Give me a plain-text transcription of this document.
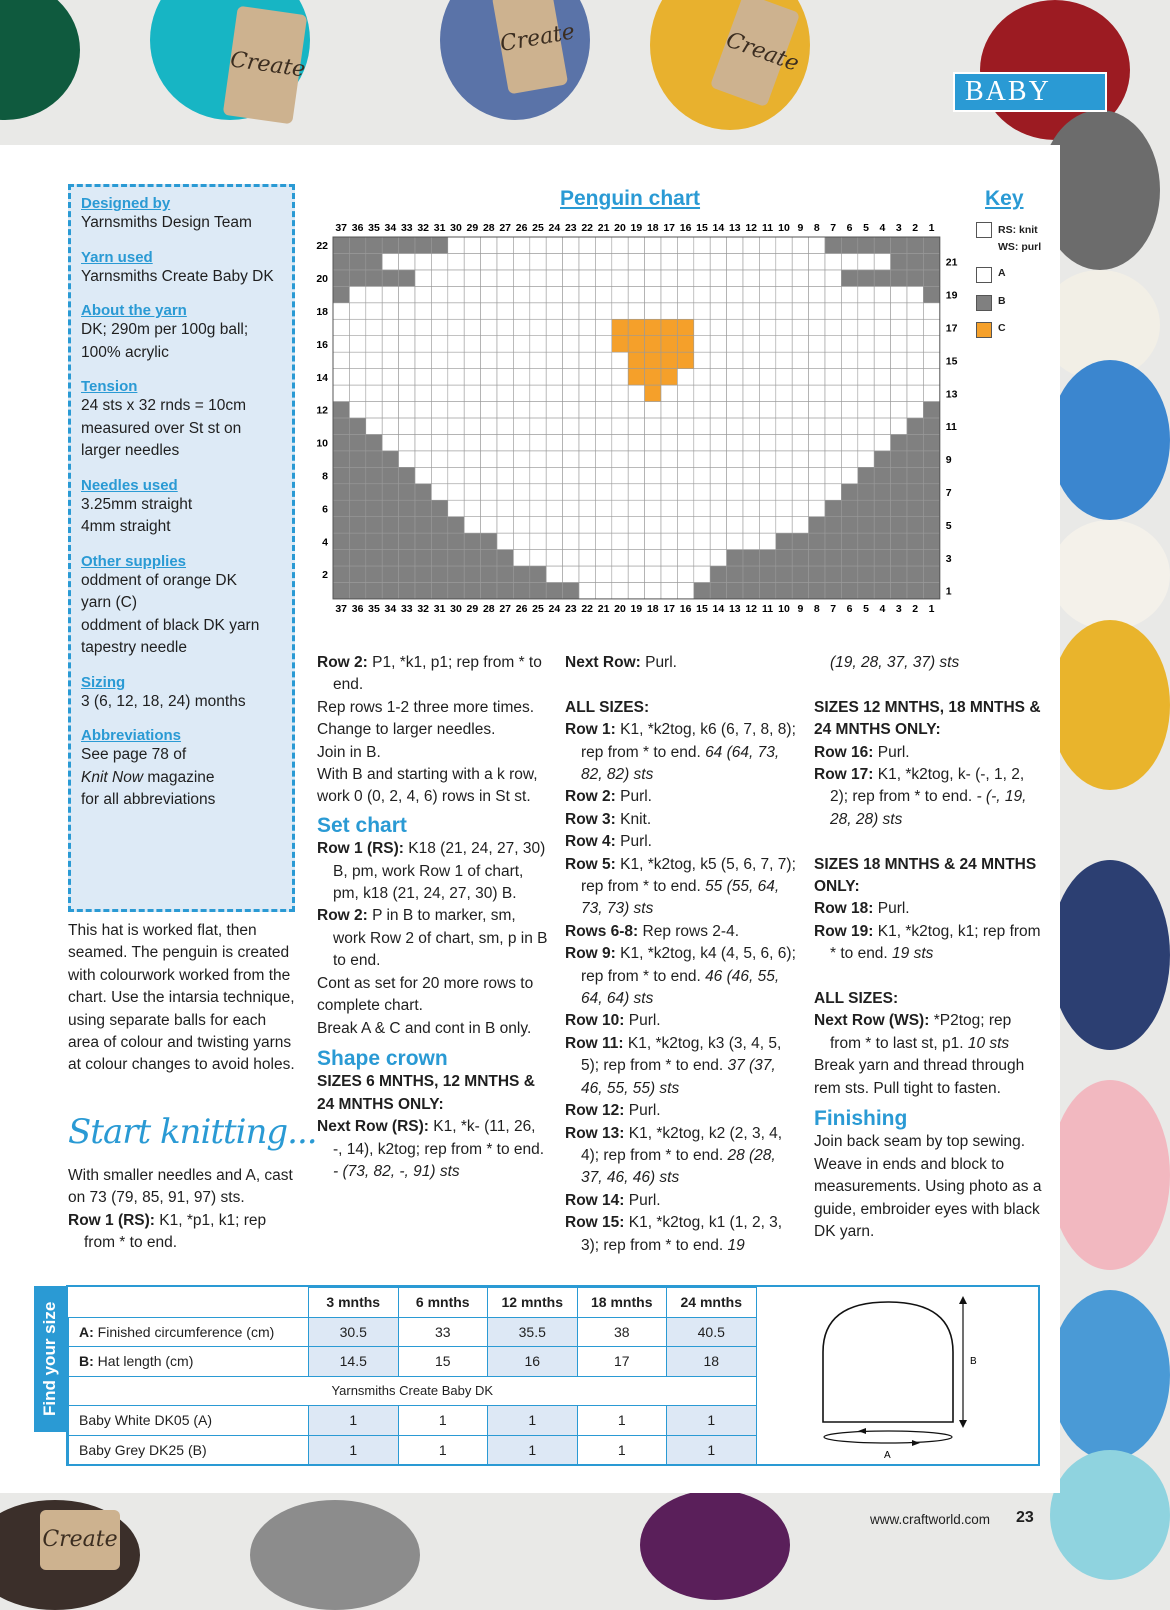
Create
Create	Create
Create
BABY
Designed by
Yarnsmiths Design Team
Yarn used
Yarnsmiths Create Baby DK
About the yarn
DK; 290m per 100g ball;
100% acrylic
Tension
24 sts x 32 rnds = 10cm
measured over St st on
larger needles
Needles used
3.25mm straight
4mm straight
Other supplies
oddment of orange DK
yarn (C)
oddment of black DK yarn
tapestry needle
Sizing
3 (6, 12, 18, 24) months
Abbreviations
See page 78 of
Knit Now magazine
for all abbreviations
This hat is worked flat, then seamed. The penguin is created with colourwork worked from the chart. Use the intarsia technique, using separate balls for each area of colour and twisting yarns at colour changes to avoid holes.
Start knitting...
With smaller needles and A, cast on 73 (79, 85, 91, 97) sts.
Row 1 (RS): K1, *p1, k1; rep from * to end.
Row 2: P1, *k1, p1; rep from * to end.
Rep rows 1-2 three more times.
Change to larger needles.
Join in B.
With B and starting with a k row, work 0 (0, 2, 4, 6) rows in St st.
Set chart
Row 1 (RS): K18 (21, 24, 27, 30) B, pm, work Row 1 of chart, pm, k18 (21, 24, 27, 30) B.
Row 2: P in B to marker, sm, work Row 2 of chart, sm, p in B to end.
Cont as set for 20 more rows to complete chart.
Break A & C and cont in B only.
Shape crown
SIZES 6 MNTHS, 12 MNTHS & 24 MNTHS ONLY:
Next Row (RS): K1, *k- (11, 26, -, 14), k2tog; rep from * to end. - (73, 82, -, 91) sts
Next Row: Purl.
ALL SIZES:
Row 1: K1, *k2tog, k6 (6, 7, 8, 8); rep from * to end. 64 (64, 73, 82, 82) sts
Row 2: Purl.
Row 3: Knit.
Row 4: Purl.
Row 5: K1, *k2tog, k5 (5, 6, 7, 7); rep from * to end. 55 (55, 64, 73, 73) sts
Rows 6-8: Rep rows 2-4.
Row 9: K1, *k2tog, k4 (4, 5, 6, 6); rep from * to end. 46 (46, 55, 64, 64) sts
Row 10: Purl.
Row 11: K1, *k2tog, k3 (3, 4, 5, 5); rep from * to end. 37 (37, 46, 55, 55) sts
Row 12: Purl.
Row 13: K1, *k2tog, k2 (2, 3, 4, 4); rep from * to end. 28 (28, 37, 46, 46) sts
Row 14: Purl.
Row 15: K1, *k2tog, k1 (1, 2, 3, 3); rep from * to end. 19
(19, 28, 37, 37) sts
SIZES 12 MNTHS, 18 MNTHS & 24 MNTHS ONLY:
Row 16: Purl.
Row 17: K1, *k2tog, k- (-, 1, 2, 2); rep from * to end. - (-, 19, 28, 28) sts
SIZES 18 MNTHS & 24 MNTHS ONLY:
Row 18: Purl.
Row 19: K1, *k2tog, k1; rep from * to end. 19 sts
ALL SIZES:
Next Row (WS): *P2tog; rep from * to last st, p1. 10 sts
Break yarn and thread through rem sts. Pull tight to fasten.
Finishing
Join back seam by top sewing. Weave in ends and block to measurements. Using photo as a guide, embroider eyes with black DK yarn.
Penguin chart
37
37
36
36
35
35
34
34
33
33
32
32
31
31
30
30
29
29
28
28
27
27
26
26
25
25
24
24
23
23
22
22
21
21
20
20
19
19
18
18
17
17
16
16
15
15
14
14
13
13
12
12
11
11
10
10
9
9
8
8
7
7
6
6
5
5
4
4
3
3
2
2
1
1
22
20
18
16
14
12
10
8
6
4
2
21
19
17
15
13
11
9
7
5
3
1
Key
RS: knit
WS: purl
A
B
C
Find your size
		3 mnths	6 mnths	12 mnths	18 mnths	24 mnths
A: Finished circumference (cm)	30.5	33	35.5	38	40.5
B: Hat length (cm)	14.5	15	16	17	18
Yarnsmiths Create Baby DK					
Baby White DK05 (A)	1	1	1	1	1
Baby Grey DK25 (B)	1	1	1	1	1
B
A
www.craftworld.com 23
